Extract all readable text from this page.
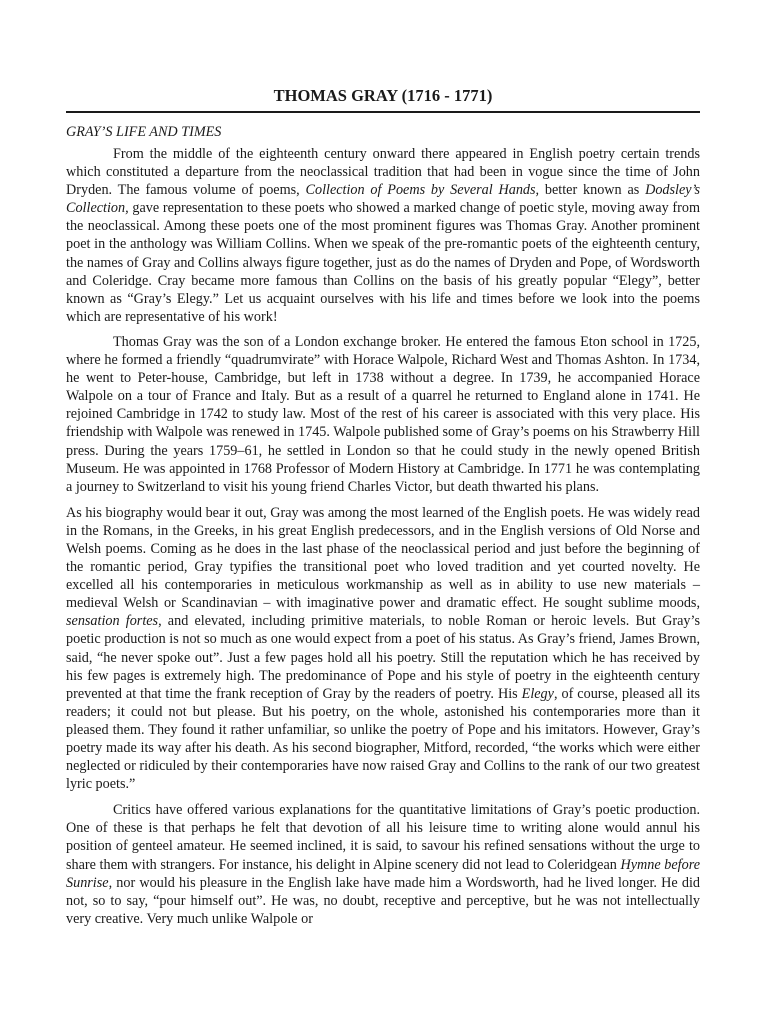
THOMAS GRAY (1716 - 1771)
GRAY’S LIFE AND TIMES

From the middle of the eighteenth century onward there appeared in English poetry certain trends which constituted a departure from the neoclassical tradition that had been in vogue since the time of John Dryden. The famous volume of poems, Collection of Poems by Several Hands, better known as Dodsley’s Collection, gave representation to these poets who showed a marked change of poetic style, moving away from the neoclassical. Among these poets one of the most prominent figures was Thomas Gray. Another prominent poet in the anthology was William Collins. When we speak of the pre-romantic poets of the eighteenth century, the names of Gray and Collins always figure together, just as do the names of Dryden and Pope, of Wordsworth and Coleridge. Cray became more famous than Collins on the basis of his greatly popular “Elegy”, better known as “Gray’s Elegy.” Let us acquaint ourselves with his life and times before we look into the poems which are representative of his work!

Thomas Gray was the son of a London exchange broker. He entered the famous Eton school in 1725, where he formed a friendly “quadrumvirate” with Horace Walpole, Richard West and Thomas Ashton. In 1734, he went to Peter-house, Cambridge, but left in 1738 without a degree. In 1739, he accompanied Horace Walpole on a tour of France and Italy. But as a result of a quarrel he returned to England alone in 1741. He rejoined Cambridge in 1742 to study law. Most of the rest of his career is associated with this very place. His friendship with Walpole was renewed in 1745. Walpole published some of Gray’s poems on his Strawberry Hill press. During the years 1759–61, he settled in London so that he could study in the newly opened British Museum. He was appointed in 1768 Professor of Modern History at Cambridge. In 1771 he was contemplating a journey to Switzerland to visit his young friend Charles Victor, but death thwarted his plans.

As his biography would bear it out, Gray was among the most learned of the English poets. He was widely read in the Romans, in the Greeks, in his great English predecessors, and in the English versions of Old Norse and Welsh poems. Coming as he does in the last phase of the neoclassical period and just before the beginning of the romantic period, Gray typifies the transitional poet who loved tradition and yet courted novelty. He excelled all his contemporaries in meticulous workmanship as well as in ability to use new materials – medieval Welsh or Scandinavian – with imaginative power and dramatic effect. He sought sublime moods, sensation fortes, and elevated, including primitive materials, to noble Roman or heroic levels. But Gray’s poetic production is not so much as one would expect from a poet of his status. As Gray’s friend, James Brown, said, “he never spoke out”. Just a few pages hold all his poetry. Still the reputation which he has received by his few pages is extremely high. The predominance of Pope and his style of poetry in the eighteenth century prevented at that time the frank reception of Gray by the readers of poetry. His Elegy, of course, pleased all its readers; it could not but please. But his poetry, on the whole, astonished his contemporaries more than it pleased them. They found it rather unfamiliar, so unlike the poetry of Pope and his imitators. However, Gray’s poetry made its way after his death. As his second biographer, Mitford, recorded, “the works which were either neglected or ridiculed by their contemporaries have now raised Gray and Collins to the rank of our two greatest lyric poets.”

Critics have offered various explanations for the quantitative limitations of Gray’s poetic production. One of these is that perhaps he felt that devotion of all his leisure time to writing alone would annul his position of genteel amateur. He seemed inclined, it is said, to savour his refined sensations without the urge to share them with strangers. For instance, his delight in Alpine scenery did not lead to Coleridgean Hymne before Sunrise, nor would his pleasure in the English lake have made him a Wordsworth, had he lived longer. He did not, so to say, “pour himself out”. He was, no doubt, receptive and perceptive, but he was not intellectually very creative. Very much unlike Walpole or
